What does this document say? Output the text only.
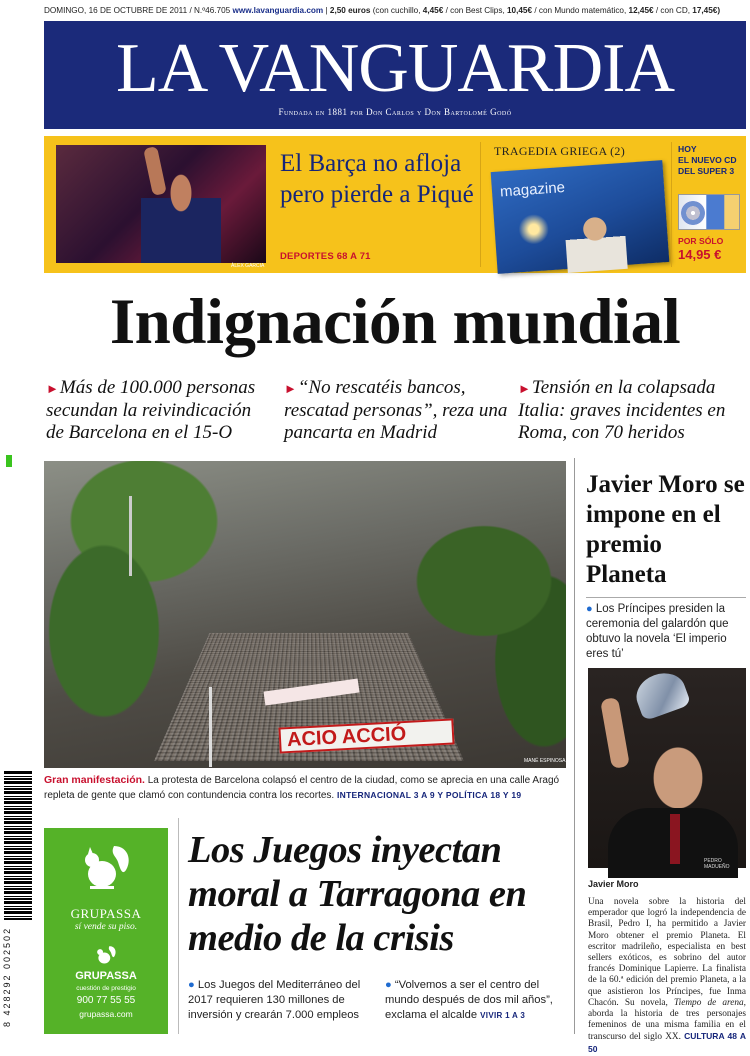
DOMINGO, 16 DE OCTUBRE DE 2011 / N.º46.705 www.lavanguardia.com | 2,50 euros (con cuchillo, 4,45€ / con Best Clips, 10,45€ / con Mundo matemático, 12,45€ / con CD, 17,45€)
LA VANGUARDIA
Fundada en 1881 por Don Carlos y Don Bartolomé Godó
ÀLEX GARCIA
El Barça no afloja pero pierde a Piqué
DEPORTES 68 A 71
TRAGEDIA GRIEGA (2)
magazine
HOY
EL NUEVO CD DEL SUPER 3
POR SÓLO
14,95 €
Indignación mundial
►Más de 100.000 personas secundan la reivindicación de Barcelona en el 15-O
►“No rescatéis bancos, rescatad personas”, reza una pancarta en Madrid
►Tensión en la colapsada Italia: graves incidentes en Roma, con 70 heridos
ACIO ACCIÓ
MANÉ ESPINOSA
Gran manifestación. La protesta de Barcelona colapsó el centro de la ciudad, como se aprecia en una calle Aragó repleta de gente que clamó con contundencia contra los recortes. INTERNACIONAL 3 A 9 Y POLÍTICA 18 Y 19
Javier Moro se impone en el premio Planeta
● Los Príncipes presiden la ceremonia del galardón que obtuvo la novela ‘El imperio eres tú’
PEDRO MADUEÑO
Javier Moro
Una novela sobre la historia del emperador que logró la independencia de Brasil, Pedro I, ha permitido a Javier Moro obtener el premio Planeta. El escritor madrileño, especialista en best sellers exóticos, es sobrino del autor francés Dominique Lapierre. La finalista de la 60.ª edición del premio Planeta, a la que asistieron los Príncipes, fue Inma Chacón. Su novela, Tiempo de arena, aborda la historia de tres personajes femeninos de una misma familia en el transcurso del siglo XX. CULTURA 48 A 50
8 428292 002502
GRUPASSA
sí vende su piso.
GRUPASSA
cuestión de prestigio
900 77 55 55
grupassa.com
Los Juegos inyectan moral a Tarragona en medio de la crisis
● Los Juegos del Mediterráneo del 2017 requieren 130 millones de inversión y crearán 7.000 empleos
● “Volvemos a ser el centro del mundo después de dos mil años”, exclama el alcalde VIVIR 1 A 3
